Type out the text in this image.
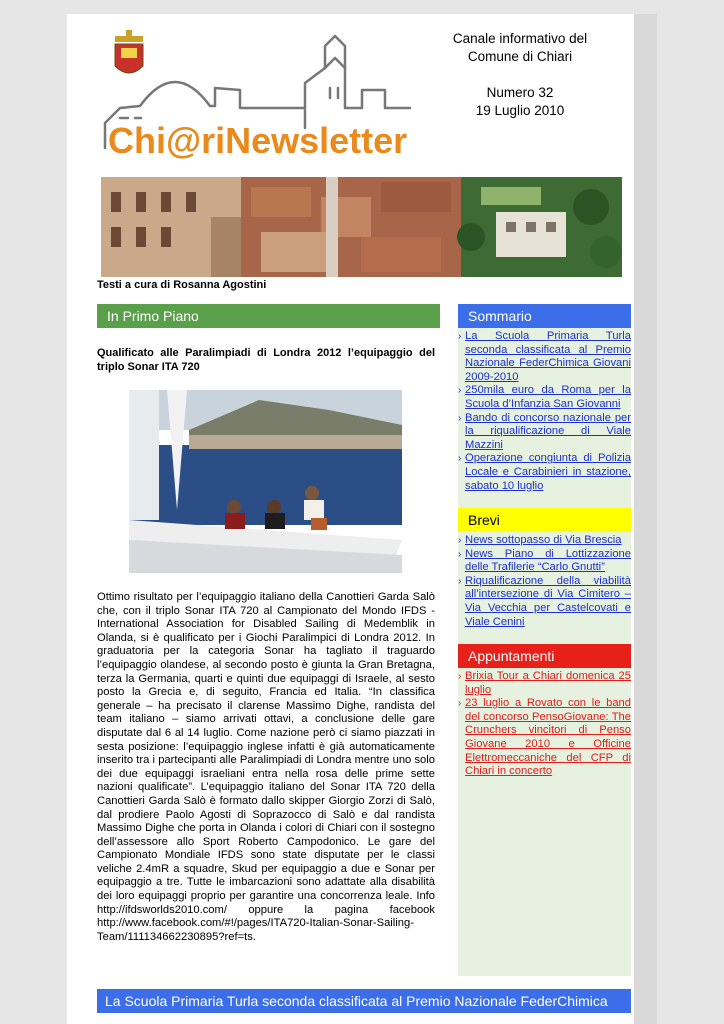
Chi@riNewsletter
Canale informativo del
Comune di Chiari
Numero 32
19 Luglio 2010
Testi a cura di Rosanna Agostini
In Primo Piano
Qualificato alle Paralimpiadi di Londra 2012 l’equipaggio del triplo Sonar ITA 720

Ottimo risultato per l’equipaggio italiano della Canottieri Garda Salò che, con il triplo Sonar ITA 720 al Campionato del Mondo IFDS - International Association for Disabled Sailing di Medemblik in Olanda, si è qualificato per i Giochi Paralimpici di Londra 2012. In graduatoria per la categoria Sonar ha tagliato il traguardo l’equipaggio olandese, al secondo posto è giunta la Gran Bretagna, terza la Germania, quarti e quinti due equipaggi di Israele, al sesto posto la Grecia e, di seguito, Francia ed Italia. “In classifica generale – ha precisato il clarense Massimo Dighe, randista del team italiano – siamo arrivati ottavi, a conclusione delle gare disputate dal 6 al 14 luglio. Come nazione però ci siamo piazzati in sesta posizione: l’equipaggio inglese infatti è già automaticamente inserito tra i partecipanti alle Paralimpiadi di Londra mentre uno solo dei due equipaggi israeliani entra nella rosa delle prime sette nazioni qualificate”. L’equipaggio italiano del Sonar ITA 720 della Canottieri Garda Salò è formato dallo skipper Giorgio Zorzi di Salò, dal prodiere Paolo Agosti di Soprazocco di Salò e dal randista Massimo Dighe che porta in Olanda i colori di Chiari con il sostegno dell’assessore allo Sport Roberto Campodonico. Le gare del Campionato Mondiale IFDS sono state disputate per le classi veliche 2.4mR a squadre, Skud per equipaggio a due e Sonar per equipaggio a tre. Tutte le imbarcazioni sono adattate alla disabilità dei loro equipaggi proprio per garantire una concorrenza leale. Info http://ifdsworlds2010.com/ oppure la pagina facebook http://www.facebook.com/#!/pages/ITA720-Italian-Sonar-Sailing-Team/111134662230895?ref=ts.

Sommario
› La Scuola Primaria Turla seconda classificata al Premio Nazionale FederChimica Giovani 2009-2010
› 250mila euro da Roma per la Scuola d’Infanzia San Giovanni
› Bando di concorso nazionale per la riqualificazione di Viale Mazzini
› Operazione congiunta di Polizia Locale e Carabinieri in stazione, sabato 10 luglio
Brevi
› News sottopasso di Via Brescia
› News Piano di Lottizzazione delle Trafilerie “Carlo Gnutti”
› Riqualificazione della viabilità all’intersezione di Via Cimitero – Via Vecchia per Castelcovati e Viale Cenini
Appuntamenti
› Brixia Tour a Chiari domenica 25 luglio
› 23 luglio a Rovato con le band del concorso PensoGiovane: The Crunchers vincitori di Penso Giovane 2010 e Officine Elettromeccaniche del CFP di Chiari in concerto
La Scuola Primaria Turla seconda classificata al Premio Nazionale FederChimica
